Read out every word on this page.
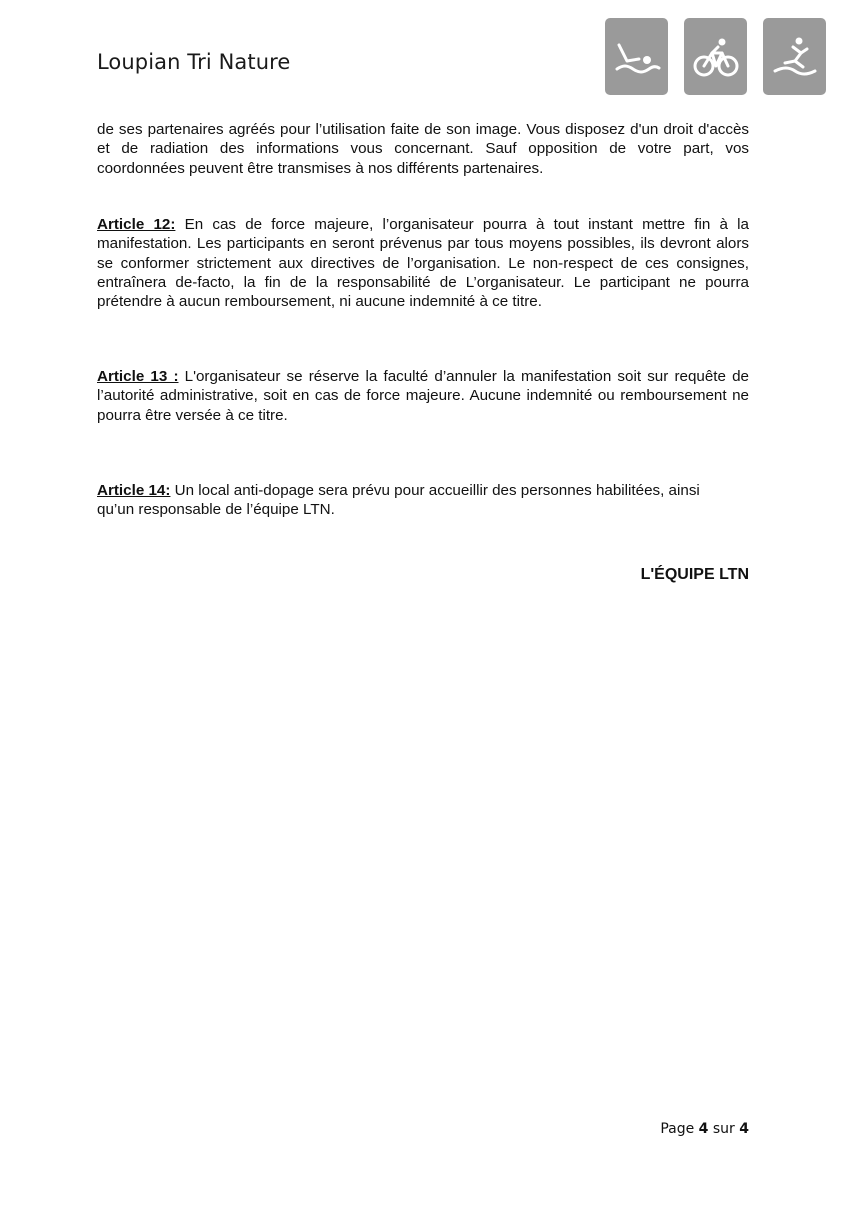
Loupian Tri Nature

de ses partenaires agréés pour l’utilisation faite de son image. Vous disposez d'un droit d'accès et de radiation des informations vous concernant. Sauf opposition de votre part, vos coordonnées peuvent être transmises à nos différents partenaires.

Article 12: En cas de force majeure, l’organisateur pourra à tout instant mettre fin à la manifestation. Les participants en seront prévenus par tous moyens possibles, ils devront alors se conformer strictement aux directives de l’organisation. Le non-respect de ces consignes, entraînera de-facto, la fin de la responsabilité de L’organisateur. Le participant ne pourra prétendre à aucun remboursement, ni aucune indemnité à ce titre.

Article 13 : L'organisateur se réserve la faculté d’annuler la manifestation soit sur requête de l’autorité administrative, soit en cas de force majeure. Aucune indemnité ou remboursement ne pourra être versée à ce titre.

Article 14: Un local anti-dopage sera prévu pour accueillir des personnes habilitées, ainsi qu’un responsable de l’équipe LTN.

L'ÉQUIPE LTN

Page 4 sur 4
